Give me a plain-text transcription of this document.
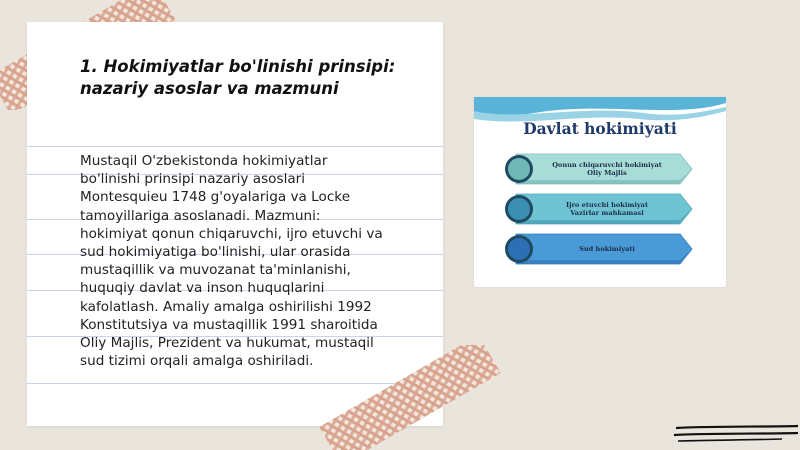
1. Hokimiyatlar bo'linishi prinsipi:
nazariy asoslar va mazmuni

Mustaqil O'zbekistonda hokimiyatlar
bo'linishi prinsipi nazariy asoslari
Montesquieu 1748 g'oyalariga va Locke
tamoyillariga asoslanadi. Mazmuni:
hokimiyat qonun chiqaruvchi, ijro etuvchi va
sud hokimiyatiga bo'linishi, ular orasida
mustaqillik va muvozanat ta'minlanishi,
huquqiy davlat va inson huquqlarini
kafolatlash. Amaliy amalga oshirilishi 1992
Konstitutsiya va mustaqillik 1991 sharoitida
Oliy Majlis, Prezident va hukumat, mustaqil
sud tizimi orqali amalga oshiriladi.

Davlat hokimiyati
Qonun chiqaruvchi hokimiyat
Oliy Majlis
Ijro etuvchi hokimiyat
Vazirlar mahkamasi
Sud hokimiyati
